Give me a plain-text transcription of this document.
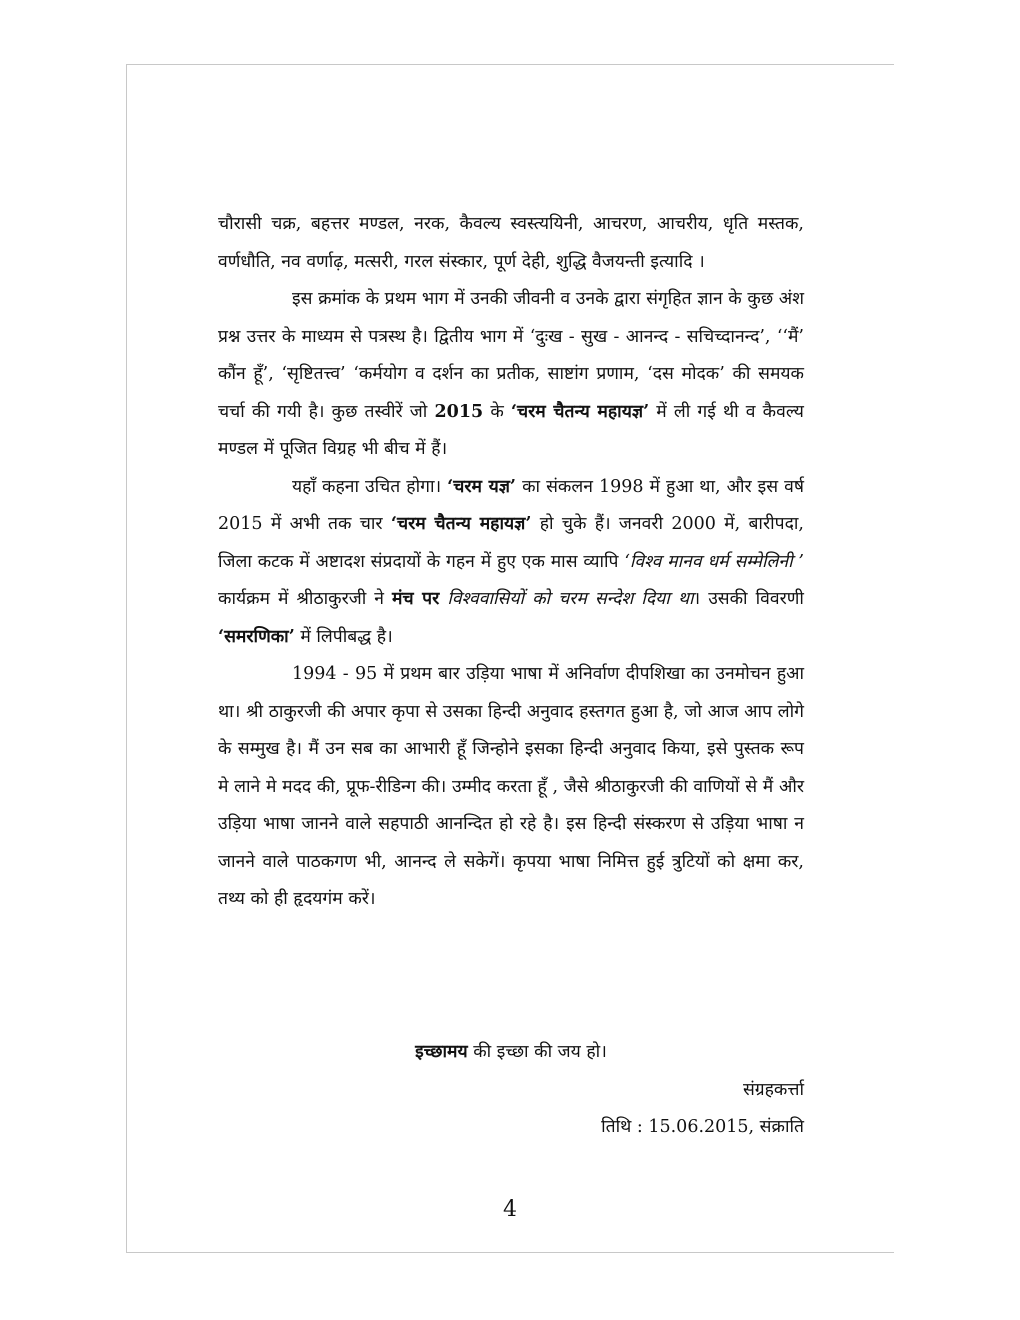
चौरासी चक्र, बहत्तर मण्डल, नरक, कैवल्य स्वस्त्ययिनी, आचरण, आचरीय, धृति मस्तक, वर्णधौति, नव वर्णाढ़, मत्सरी, गरल संस्कार, पूर्ण देही, शुद्धि वैजयन्ती इत्यादि ।

इस क्रमांक के प्रथम भाग में उनकी जीवनी व उनके द्वारा संगृहित ज्ञान के कुछ अंश प्रश्न उत्तर के माध्यम से पत्रस्थ है। द्वितीय भाग में ‘दुःख - सुख - आनन्द - सचिच्दानन्द’, ‘‘मैं’ कौंन हूँ’, ‘सृष्टितत्त्व’ ‘कर्मयोग व दर्शन का प्रतीक, साष्टांग प्रणाम, ‘दस मोदक’ की समयक चर्चा की गयी है। कुछ तस्वीरें जो 2015 के ‘चरम चैतन्य महायज्ञ’ में ली गई थी व कैवल्य मण्डल में पूजित विग्रह भी बीच में हैं।

यहाँ कहना उचित होगा। ‘चरम यज्ञ’ का संकलन 1998 में हुआ था, और इस वर्ष 2015 में अभी तक चार ‘चरम चैतन्य महायज्ञ’ हो चुके हैं। जनवरी 2000 में, बारीपदा, जिला कटक में अष्टादश संप्रदायों के गहन में हुए एक मास व्यापि ‘विश्व मानव धर्म सम्मेलिनी ’ कार्यक्रम में श्रीठाकुरजी ने मंच पर विश्ववासियों को चरम सन्देश दिया था। उसकी विवरणी ‘समरणिका’ में लिपीबद्ध है।

1994 - 95 में प्रथम बार उड़िया भाषा में अनिर्वाण दीपशिखा का उनमोचन हुआ था। श्री ठाकुरजी की अपार कृपा से उसका हिन्दी अनुवाद हस्तगत हुआ है, जो आज आप लोगे के सम्मुख है। मैं उन सब का आभारी हूँ जिन्होने इसका हिन्दी अनुवाद किया, इसे पुस्तक रूप मे लाने मे मदद की, प्रूफ-रीडिन्ग की। उम्मीद करता हूँ , जैसे श्रीठाकुरजी की वाणियों से मैं और उड़िया भाषा जानने वाले सहपाठी आनन्दित हो रहे है। इस हिन्दी संस्करण से उड़िया भाषा न जानने वाले पाठकगण भी, आनन्द ले सकेगें। कृपया भाषा निमित्त हुई त्रुटियों को क्षमा कर, तथ्य को ही हृदयगंम करें।

इच्छामय की इच्छा की जय हो।
संग्रहकर्त्ता
तिथि : 15.06.2015, संक्राति
4
